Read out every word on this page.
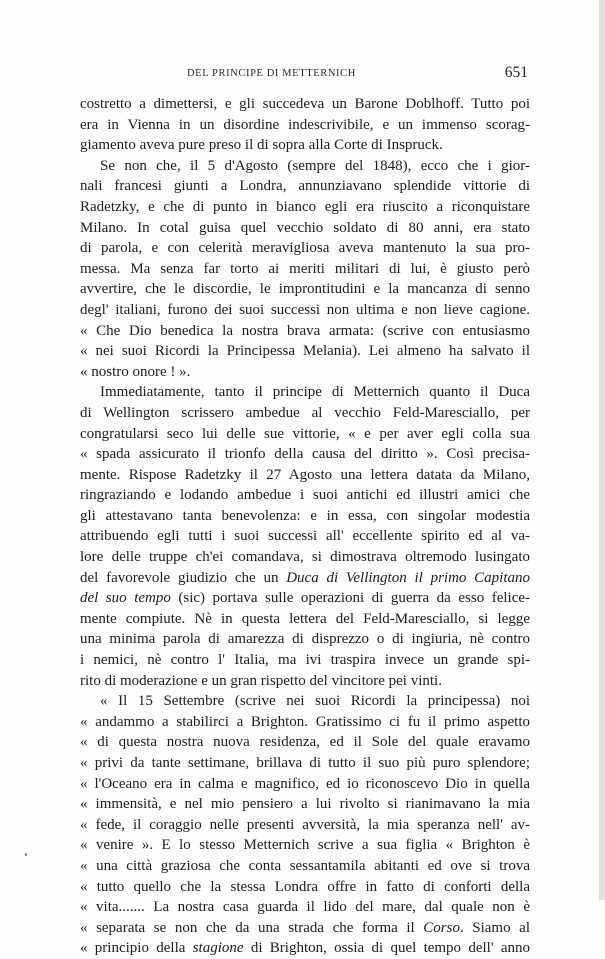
DEL PRINCIPE DI METTERNICH	651
costretto a dimettersi, e gli succedeva un Barone Doblhoff. Tutto poi
era in Vienna in un disordine indescrivibile, e un immenso scorag-
giamento aveva pure preso il di sopra alla Corte di Inspruck.
Se non che, il 5 d'Agosto (sempre del 1848), ecco che i gior-
nali francesi giunti a Londra, annunziavano splendide vittorie di
Radetzky, e che di punto in bianco egli era riuscito a riconquistare
Milano. In cotal guisa quel vecchio soldato di 80 anni, era stato
di parola, e con celerità meravigliosa aveva mantenuto la sua pro-
messa. Ma senza far torto ai meriti militari di lui, è giusto però
avvertire, che le discordie, le improntitudini e la mancanza di senno
degl' italiani, furono dei suoi successi non ultima e non lieve cagione.
« Che Dio benedica la nostra brava armata: (scrive con entusiasmo
« nei suoi Ricordi la Principessa Melania). Lei almeno ha salvato il
« nostro onore ! ».
Immediatamente, tanto il principe di Metternich quanto il Duca
di Wellington scrissero ambedue al vecchio Feld-Maresciallo, per
congratularsi seco lui delle sue vittorie, « e per aver egli colla sua
« spada assicurato il trionfo della causa del diritto ». Così precisa-
mente. Rispose Radetzky il 27 Agosto una lettera datata da Milano,
ringraziando e lodando ambedue i suoi antichi ed illustri amici che
gli attestavano tanta benevolenza: e in essa, con singolar modestia
attribuendo egli tutti i suoi successi all' eccellente spirito ed al va-
lore delle truppe ch'ei comandava, si dimostrava oltremodo lusingato
del favorevole giudizio che un Duca di Vellington il primo Capitano
del suo tempo (sic) portava sulle operazioni di guerra da esso felice-
mente compiute. Nè in questa lettera del Feld-Maresciallo, si legge
una minima parola di amarezza di disprezzo o di ingiuria, nè contro
i nemici, nè contro l' Italia, ma ivi traspira invece un grande spi-
rito di moderazione e un gran rispetto del vincitore pei vinti.
« Il 15 Settembre (scrive nei suoi Ricordi la principessa) noi
« andammo a stabilirci a Brighton. Gratissimo ci fu il primo aspetto
« di questa nostra nuova residenza, ed il Sole del quale eravamo
« privi da tante settimane, brillava di tutto il suo più puro splendore;
« l'Oceano era in calma e magnifico, ed io riconoscevo Dio in quella
« immensità, e nel mio pensiero a lui rivolto si rianimavano la mia
« fede, il coraggio nelle presenti avversità, la mia speranza nell' av-
« venire ». E lo stesso Metternich scrive a sua figlia « Brighton è
« una città graziosa che conta sessantamila abitanti ed ove si trova
« tutto quello che la stessa Londra offre in fatto di conforti della
« vita....... La nostra casa guarda il lido del mare, dal quale non è
« separata se non che da una strada che forma il Corso. Siamo al
« principio della stagione di Brighton, ossia di quel tempo dell' anno
